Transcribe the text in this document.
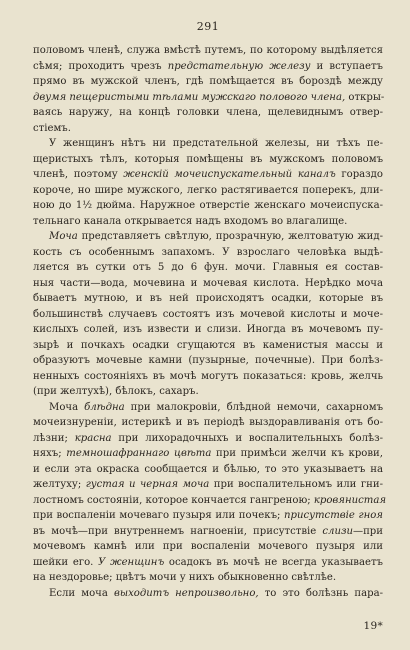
291
половомъ членѣ, служа вмѣстѣ путемъ, по которому выдѣляется
сѣмя; проходитъ чрезъ предстательную железу и вступаетъ
прямо въ мужской членъ, гдѣ помѣщается въ бороздѣ между
двумя пещеристыми тѣлами мужскаго полового члена, откры-
ваясь наружу, на концѣ головки члена, щелевиднымъ отвер-
стіемъ.
У женщинъ нѣтъ ни предстательной железы, ни тѣхъ пе-
щеристыхъ тѣлъ, которыя помѣщены въ мужскомъ половомъ
членѣ, поэтому женскій мочеиспускательный каналъ гораздо
короче, но шире мужского, легко растягивается поперекъ, дли-
ною до 1½ дюйма. Наружное отверстіе женскаго мочеиспуска-
тельнаго канала открывается надъ входомъ во влагалище.
Моча представляетъ свѣтлую, прозрачную, желтоватую жид-
кость съ особеннымъ запахомъ. У взрослаго человѣка выдѣ-
ляется въ сутки отъ 5 до 6 фун. мочи. Главныя ея состав-
ныя части—вода, мочевина и мочевая кислота. Нерѣдко моча
бываетъ мутною, и въ ней происходятъ осадки, которые въ
большинствѣ случаевъ состоятъ изъ мочевой кислоты и моче-
кислыхъ солей, изъ извести и слизи. Иногда въ мочевомъ пу-
зырѣ и почкахъ осадки сгущаются въ каменистыя массы и
образуютъ мочевые камни (пузырные, почечные). При болѣз-
ненныхъ состояніяхъ въ мочѣ могутъ показаться: кровь, желчь
(при желтухѣ), бѣлокъ, сахаръ.
Моча блѣдна при малокровіи, блѣдной немочи, сахарномъ
мочеизнуреніи, истерикѣ и въ періодѣ выздоравливанія отъ бо-
лѣзни; красна при лихорадочныхъ и воспалительныхъ болѣз-
няхъ; темношафраннаго цвѣта при примѣси желчи къ крови,
и если эта окраска сообщается и бѣлью, то это указываетъ на
желтуху; густая и черная моча при воспалительномъ или гни-
лостномъ состояніи, которое кончается гангреною; кровянистая
при воспаленіи мочеваго пузыря или почекъ; присутствіе гноя
въ мочѣ—при внутреннемъ нагноеніи, присутствіе слизи—при
мочевомъ камнѣ или при воспаленіи мочевого пузыря или
шейки его. У женщинъ осадокъ въ мочѣ не всегда указываетъ
на нездоровье; цвѣтъ мочи у нихъ обыкновенно свѣтлѣе.
Если моча выходитъ непроизвольно, то это болѣзнь пара-
19*
